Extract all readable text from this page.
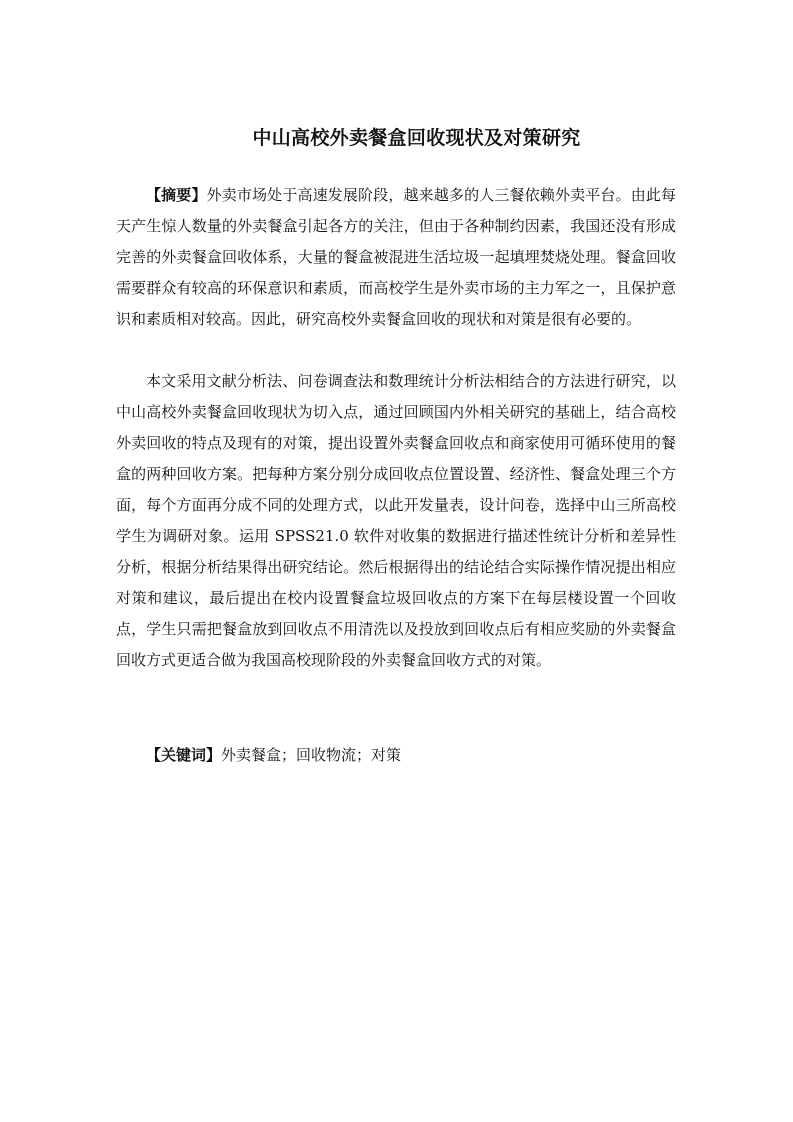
中山高校外卖餐盒回收现状及对策研究

【摘要】外卖市场处于高速发展阶段，越来越多的人三餐依赖外卖平台。由此每天产生惊人数量的外卖餐盒引起各方的关注，但由于各种制约因素，我国还没有形成完善的外卖餐盒回收体系，大量的餐盒被混进生活垃圾一起填埋焚烧处理。餐盒回收需要群众有较高的环保意识和素质，而高校学生是外卖市场的主力军之一，且保护意识和素质相对较高。因此，研究高校外卖餐盒回收的现状和对策是很有必要的。

本文采用文献分析法、问卷调查法和数理统计分析法相结合的方法进行研究，以中山高校外卖餐盒回收现状为切入点，通过回顾国内外相关研究的基础上，结合高校外卖回收的特点及现有的对策，提出设置外卖餐盒回收点和商家使用可循环使用的餐盒的两种回收方案。把每种方案分别分成回收点位置设置、经济性、餐盒处理三个方面，每个方面再分成不同的处理方式，以此开发量表，设计问卷，选择中山三所高校学生为调研对象。运用 SPSS21.0 软件对收集的数据进行描述性统计分析和差异性分析，根据分析结果得出研究结论。然后根据得出的结论结合实际操作情况提出相应对策和建议，最后提出在校内设置餐盒垃圾回收点的方案下在每层楼设置一个回收点，学生只需把餐盒放到回收点不用清洗以及投放到回收点后有相应奖励的外卖餐盒回收方式更适合做为我国高校现阶段的外卖餐盒回收方式的对策。

【关键词】外卖餐盒；回收物流；对策
